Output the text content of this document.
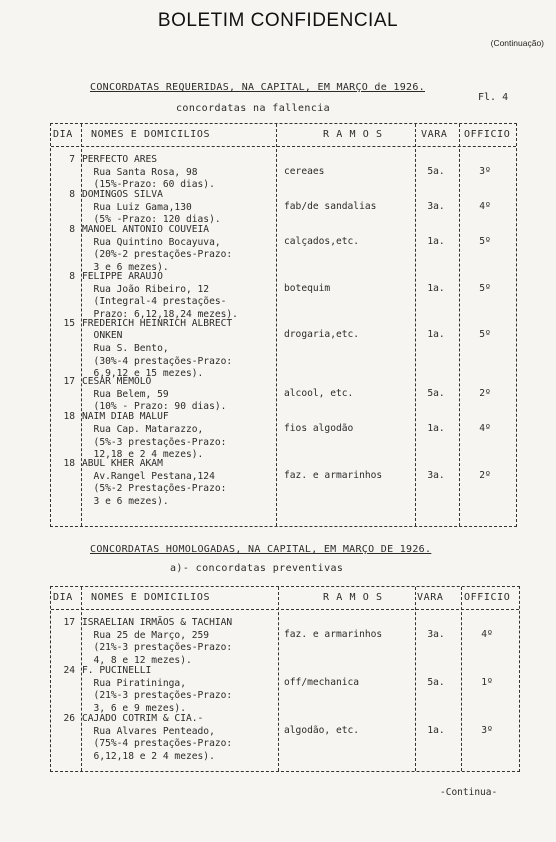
BOLETIM CONFIDENCIAL
(Continuação)
CONCORDATAS REQUERIDAS, NA CAPITAL, EM MARÇO de 1926.
Fl. 4
concordatas na fallencia
DIA NOMES E DOMICILIOS	R A M O S	VARA OFFICIO
7 PERFECTO ARES
Rua Santa Rosa, 98
(15%-Prazo: 60 dias).
cereaes	5a.	3º
8 DOMINGOS SILVA
Rua Luiz Gama,130
(5% -Prazo: 120 dias).
fab/de sandalias	3a.	4º
8 MANOEL ANTONIO COUVEIA
Rua Quintino Bocayuva,
(20%-2 prestações-Prazo:
3 e 6 mezes).
calçados,etc.	1a.	5º
8 FELIPPE ARAUJO
Rua João Ribeiro, 12
(Integral-4 prestações-
Prazo: 6,12,18,24 mezes).
botequim	1a.	5º
15 FREDERICH HEINRICH ALBRECT
ONKEN
Rua S. Bento,
(30%-4 prestações-Prazo:
6,9,12 e 15 mezes).
drogaria,etc.	1a.	5º
17 CESAR MEMOLO
Rua Belem, 59
(10% - Prazo: 90 dias).
alcool, etc.	5a.	2º
18 NAIM DIAB MALUF
Rua Cap. Matarazzo,
(5%-3 prestações-Prazo:
12,18 e 2 4 mezes).
fios algodão	1a.	4º
18 ABUL KHER AKAM
Av.Rangel Pestana,124
(5%-2 Prestações-Prazo:
3 e 6 mezes).
faz. e armarinhos	3a.	2º
CONCORDATAS HOMOLOGADAS, NA CAPITAL, EM MARÇO DE 1926.
a)- concordatas preventivas
DIA NOMES E DOMICILIOS	R A M O S	VARA OFFICIO
17 ISRAELIAN IRMÃOS & TACHIAN
Rua 25 de Março, 259
(21%-3 prestações-Prazo:
4, 8 e 12 mezes).
faz. e armarinhos	3a.	4º
24 F. PUCINELLI
Rua Piratininga,
(21%-3 prestações-Prazo:
3, 6 e 9 mezes).
off/mechanica	5a.	1º
26 CAJADO COTRIM & CIA.-
Rua Alvares Penteado,
(75%-4 prestações-Prazo:
6,12,18 e 2 4 mezes).
algodão, etc.	1a.	3º
-Continua-
